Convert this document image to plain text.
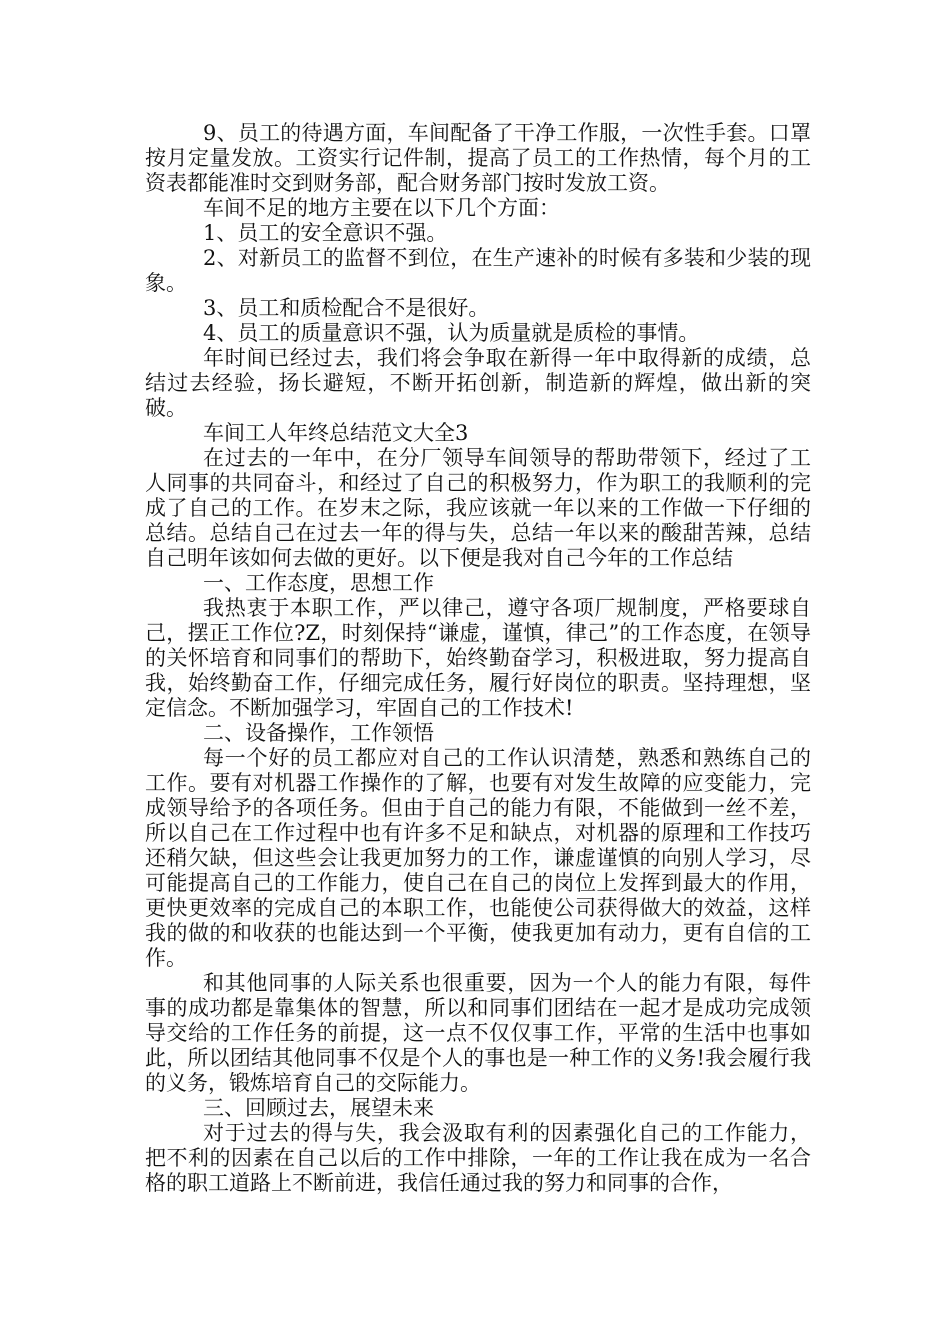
9、员工的待遇方面，车间配备了干净工作服，一次性手套。口罩按月定量发放。工资实行记件制，提高了员工的工作热情，每个月的工资表都能准时交到财务部，配合财务部门按时发放工资。

车间不足的地方主要在以下几个方面：

1、员工的安全意识不强。

2、对新员工的监督不到位，在生产速补的时候有多装和少装的现象。

3、员工和质检配合不是很好。

4、员工的质量意识不强，认为质量就是质检的事情。

年时间已经过去，我们将会争取在新得一年中取得新的成绩，总结过去经验，扬长避短，不断开拓创新，制造新的辉煌，做出新的突破。

车间工人年终总结范文大全3

在过去的一年中，在分厂领导车间领导的帮助带领下，经过了工人同事的共同奋斗，和经过了自己的积极努力，作为职工的我顺利的完成了自己的工作。在岁末之际，我应该就一年以来的工作做一下仔细的总结。总结自己在过去一年的得与失，总结一年以来的酸甜苦辣，总结自己明年该如何去做的更好。以下便是我对自己今年的工作总结

一、工作态度，思想工作

我热衷于本职工作，严以律己，遵守各项厂规制度，严格要球自己，摆正工作位?Z，时刻保持“谦虚，谨慎，律己”的工作态度，在领导的关怀培育和同事们的帮助下，始终勤奋学习，积极进取，努力提高自我，始终勤奋工作，仔细完成任务，履行好岗位的职责。坚持理想，坚定信念。不断加强学习，牢固自己的工作技术!

二、设备操作，工作领悟

每一个好的员工都应对自己的工作认识清楚，熟悉和熟练自己的工作。要有对机器工作操作的了解，也要有对发生故障的应变能力，完成领导给予的各项任务。但由于自己的能力有限，不能做到一丝不差，所以自己在工作过程中也有许多不足和缺点，对机器的原理和工作技巧还稍欠缺，但这些会让我更加努力的工作，谦虚谨慎的向别人学习，尽可能提高自己的工作能力，使自己在自己的岗位上发挥到最大的作用，更快更效率的完成自己的本职工作，也能使公司获得做大的效益，这样我的做的和收获的也能达到一个平衡，使我更加有动力，更有自信的工作。

和其他同事的人际关系也很重要，因为一个人的能力有限，每件事的成功都是靠集体的智慧，所以和同事们团结在一起才是成功完成领导交给的工作任务的前提，这一点不仅仅事工作，平常的生活中也事如此，所以团结其他同事不仅是个人的事也是一种工作的义务!我会履行我的义务，锻炼培育自己的交际能力。

三、回顾过去，展望未来

对于过去的得与失，我会汲取有利的因素强化自己的工作能力，把不利的因素在自己以后的工作中排除，一年的工作让我在成为一名合格的职工道路上不断前进，我信任通过我的努力和同事的合作，
